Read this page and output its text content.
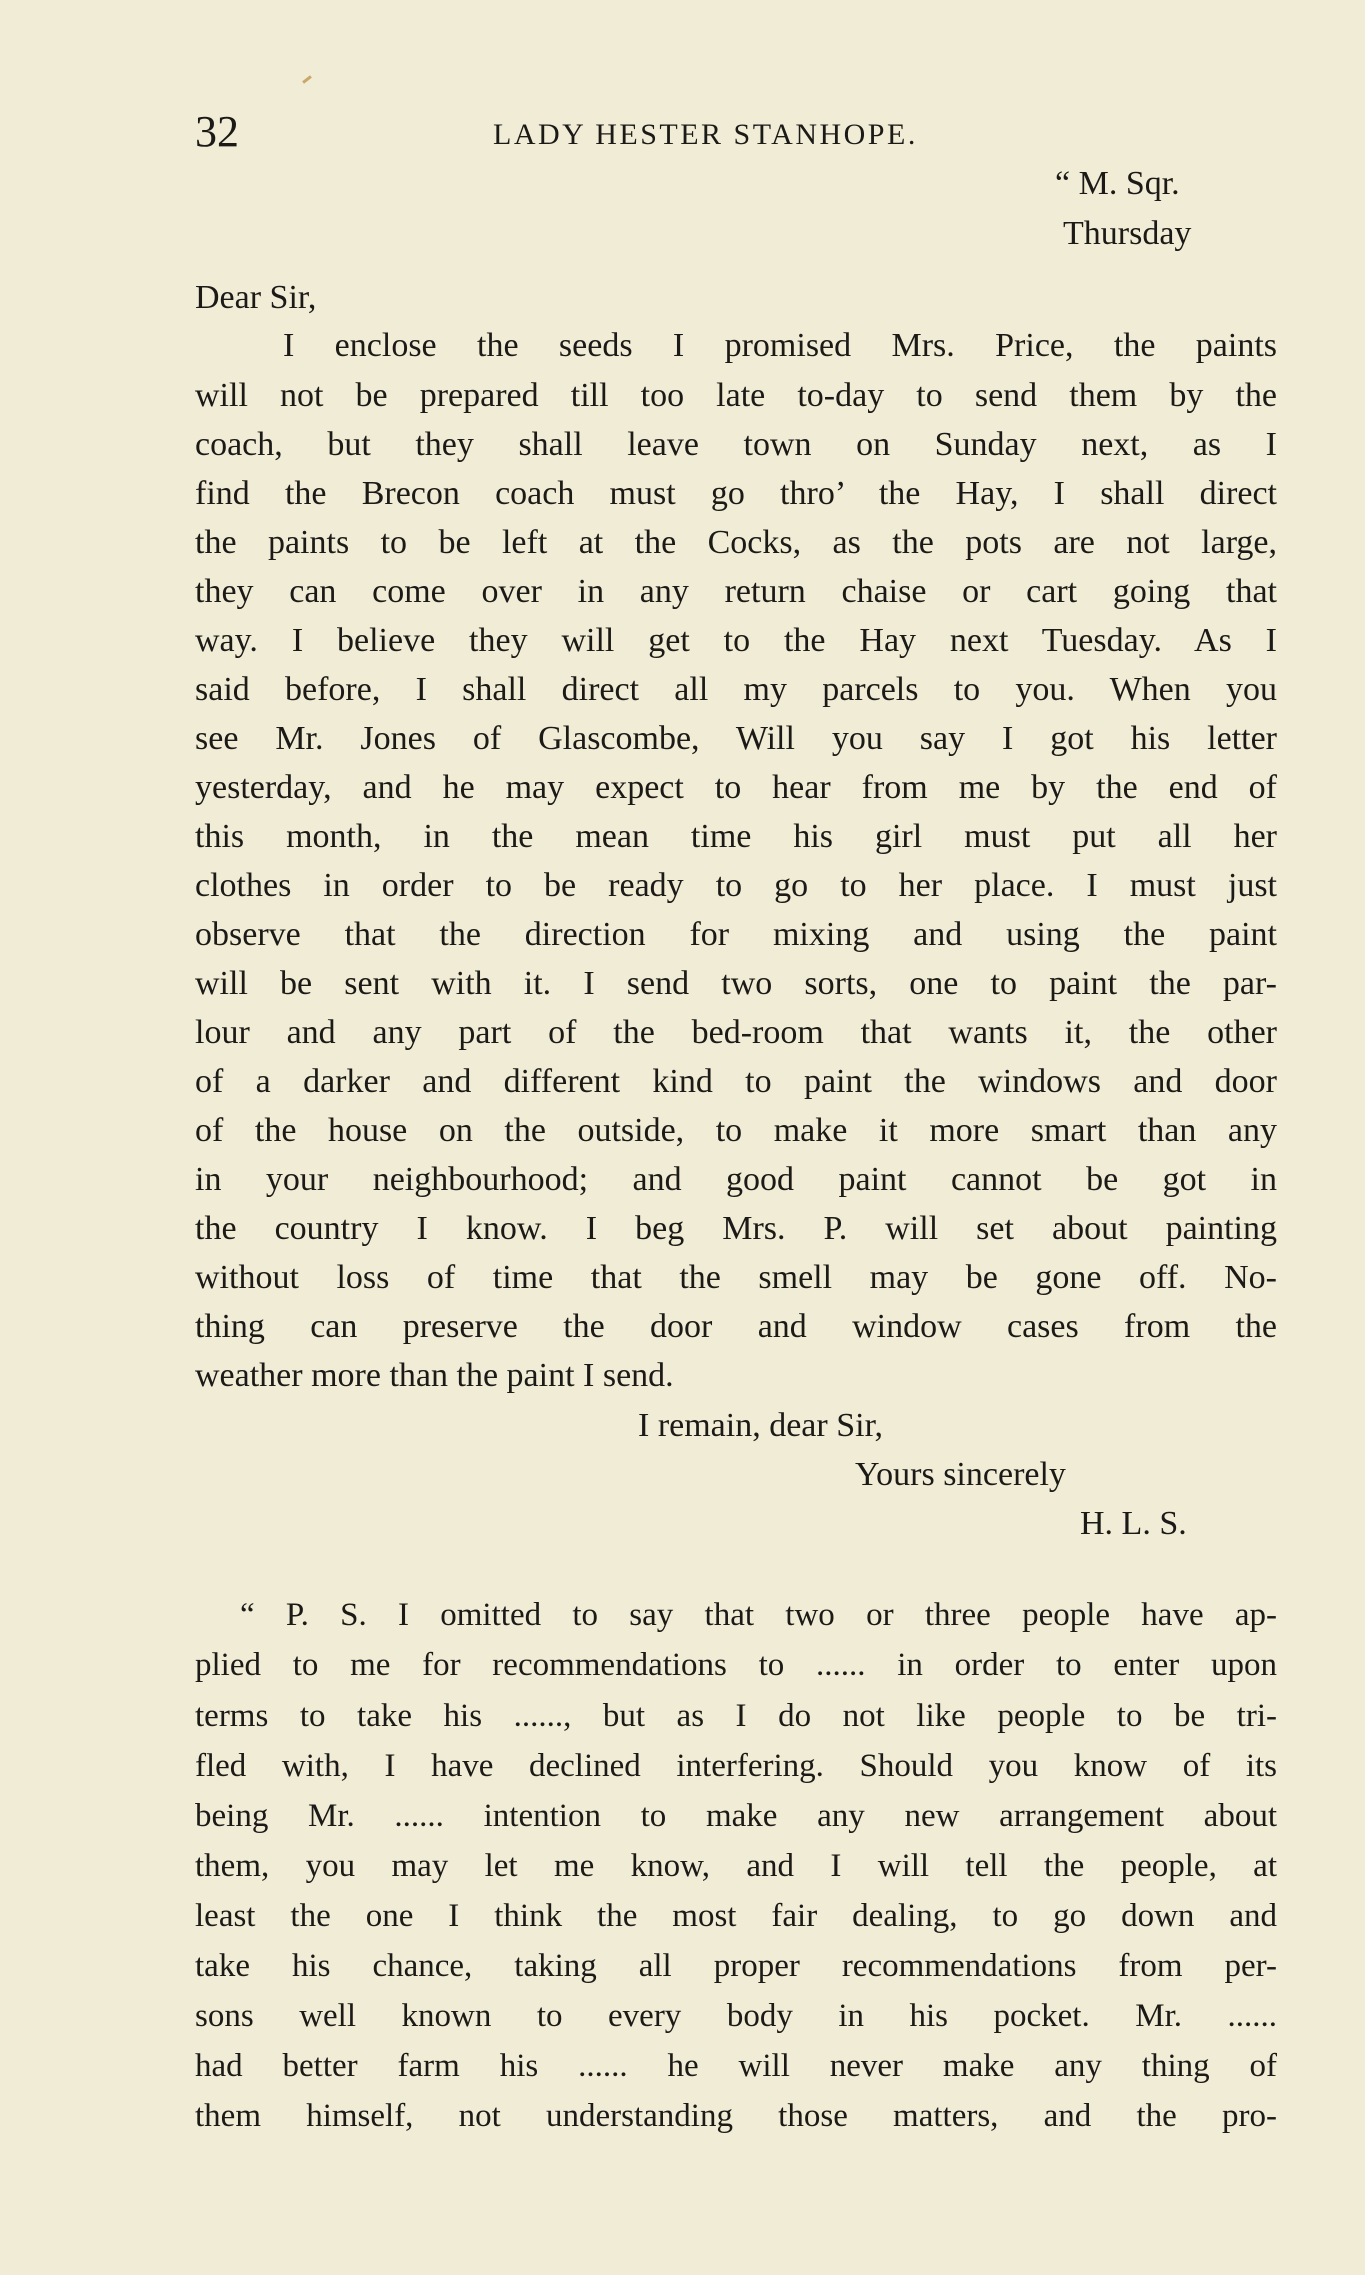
32	LADY HESTER STANHOPE.
“ M. Sqr.
Thursday
Dear Sir,
I enclose the seeds I promised Mrs. Price, the paints
will not be prepared till too late to-day to send them by the
coach, but they shall leave town on Sunday next, as I
find the Brecon coach must go thro’ the Hay, I shall direct
the paints to be left at the Cocks, as the pots are not large,
they can come over in any return chaise or cart going that
way. I believe they will get to the Hay next Tuesday. As I
said before, I shall direct all my parcels to you. When you
see Mr. Jones of Glascombe, Will you say I got his letter
yesterday, and he may expect to hear from me by the end of
this month, in the mean time his girl must put all her
clothes in order to be ready to go to her place. I must just
observe that the direction for mixing and using the paint
will be sent with it. I send two sorts, one to paint the par-
lour and any part of the bed-room that wants it, the other
of a darker and different kind to paint the windows and door
of the house on the outside, to make it more smart than any
in your neighbourhood; and good paint cannot be got in
the country I know. I beg Mrs. P. will set about painting
without loss of time that the smell may be gone off. No-
thing can preserve the door and window cases from the
weather more than the paint I send.
I remain, dear Sir,
Yours sincerely
H. L. S.
“ P. S. I omitted to say that two or three people have ap-
plied to me for recommendations to ...... in order to enter upon
terms to take his ......, but as I do not like people to be tri-
fled with, I have declined interfering. Should you know of its
being Mr. ...... intention to make any new arrangement about
them, you may let me know, and I will tell the people, at
least the one I think the most fair dealing, to go down and
take his chance, taking all proper recommendations from per-
sons well known to every body in his pocket. Mr. ......
had better farm his ...... he will never make any thing of
them himself, not understanding those matters, and the pro-
